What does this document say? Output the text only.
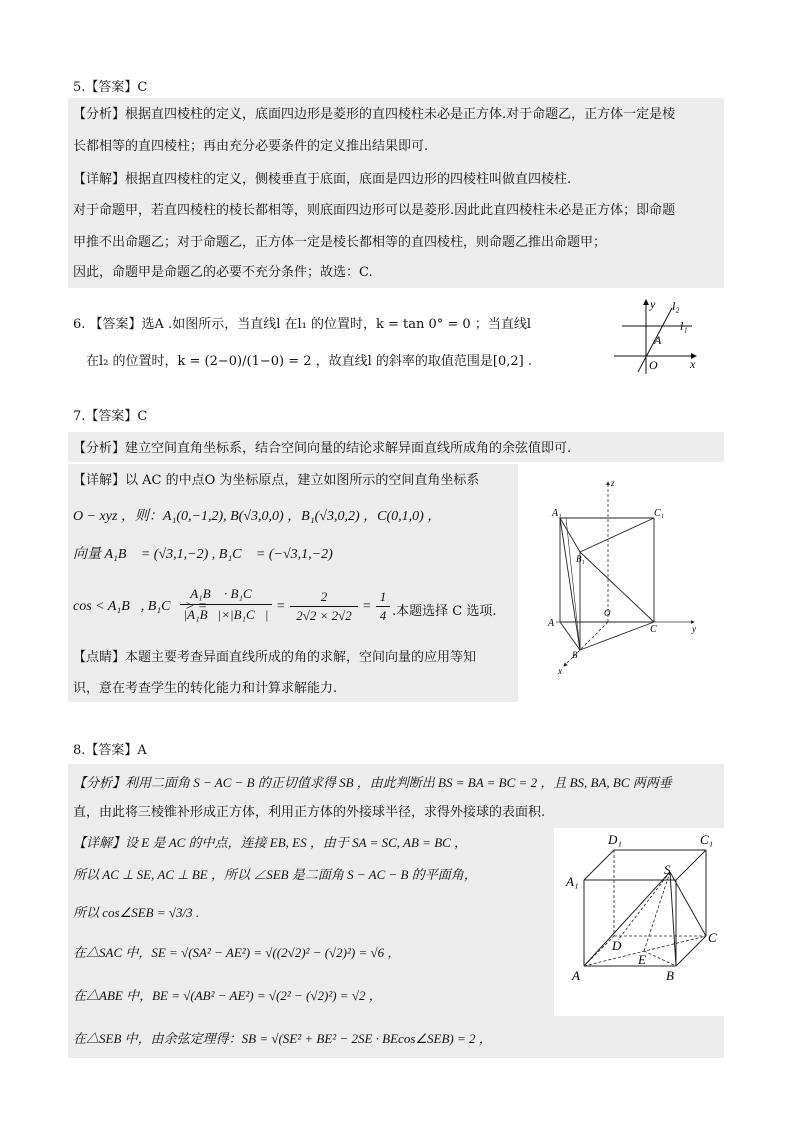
5.【答案】C
【分析】根据直四棱柱的定义，底面四边形是菱形的直四棱柱未必是正方体.对于命题乙，正方体一定是棱
长都相等的直四棱柱；再由充分必要条件的定义推出结果即可.
【详解】根据直四棱柱的定义，侧棱垂直于底面，底面是四边形的四棱柱叫做直四棱柱.
对于命题甲，若直四棱柱的棱长都相等，则底面四边形可以是菱形.因此此直四棱柱未必是正方体；即命题
甲推不出命题乙；对于命题乙，正方体一定是棱长都相等的直四棱柱，则命题乙推出命题甲；
因此，命题甲是命题乙的必要不充分条件；故选：C.
6. 【答案】选A .如图所示，当直线l 在l₁ 的位置时，k = tan 0° = 0 ；当直线l
在l₂ 的位置时，k = (2−0)/(1−0) = 2 ，故直线l 的斜率的取值范围是[0,2] .
y
x
O
l₁
l₂
A
7.【答案】C
【分析】建立空间直角坐标系，结合空间向量的结论求解异面直线所成角的余弦值即可.
【详解】以 AC 的中点O 为坐标原点，建立如图所示的空间直角坐标系
O − xyz ，则：A₁(0,−1,2), B(√3,0,0) ，B₁(√3,0,2) ，C(0,1,0) ，
向量 A₁B⃗ = (√3,1,−2) , B₁C⃗ = (−√3,1,−2) ，
cos < A₁B⃗, B₁C⃗ > =
$\frac{\text{A₁B⃗ · B₁C⃗}}{\text{|A₁B⃗|×|B₁C⃗|}} = \frac{2}{2√2 \times 2√2} = \frac{1}{4}$ .本题选择 C 选项.
【点睛】本题主要考查异面直线所成的角的求解，空间向量的应用等知
识，意在考查学生的转化能力和计算求解能力.
z
y
x
A₁	C₁
B₁
A
O
C
B
8.【答案】A
【分析】利用二面角 S − AC − B 的正切值求得 SB ，由此判断出 BS = BA = BC = 2 ，且 BS, BA, BC 两两垂
直，由此将三棱锥补形成正方体，利用正方体的外接球半径，求得外接球的表面积.
【详解】设 E 是 AC 的中点，连接 EB, ES ，由于 SA = SC, AB = BC ，
所以 AC ⊥ SE, AC ⊥ BE ，所以 ∠SEB 是二面角 S − AC − B 的平面角，
所以 cos∠SEB = √3/3 .
在△SAC 中，SE = √(SA² − AE²) = √((2√2)² − (√2)²) = √6 ，
在△ABE 中，BE = √(AB² − AE²) = √(2² − (√2)²) = √2 ，
在△SEB 中，由余弦定理得：SB = √(SE² + BE² − 2SE · BEcos∠SEB) = 2 ，
D₁	C₁
A₁
S
D
E
C
A	B
